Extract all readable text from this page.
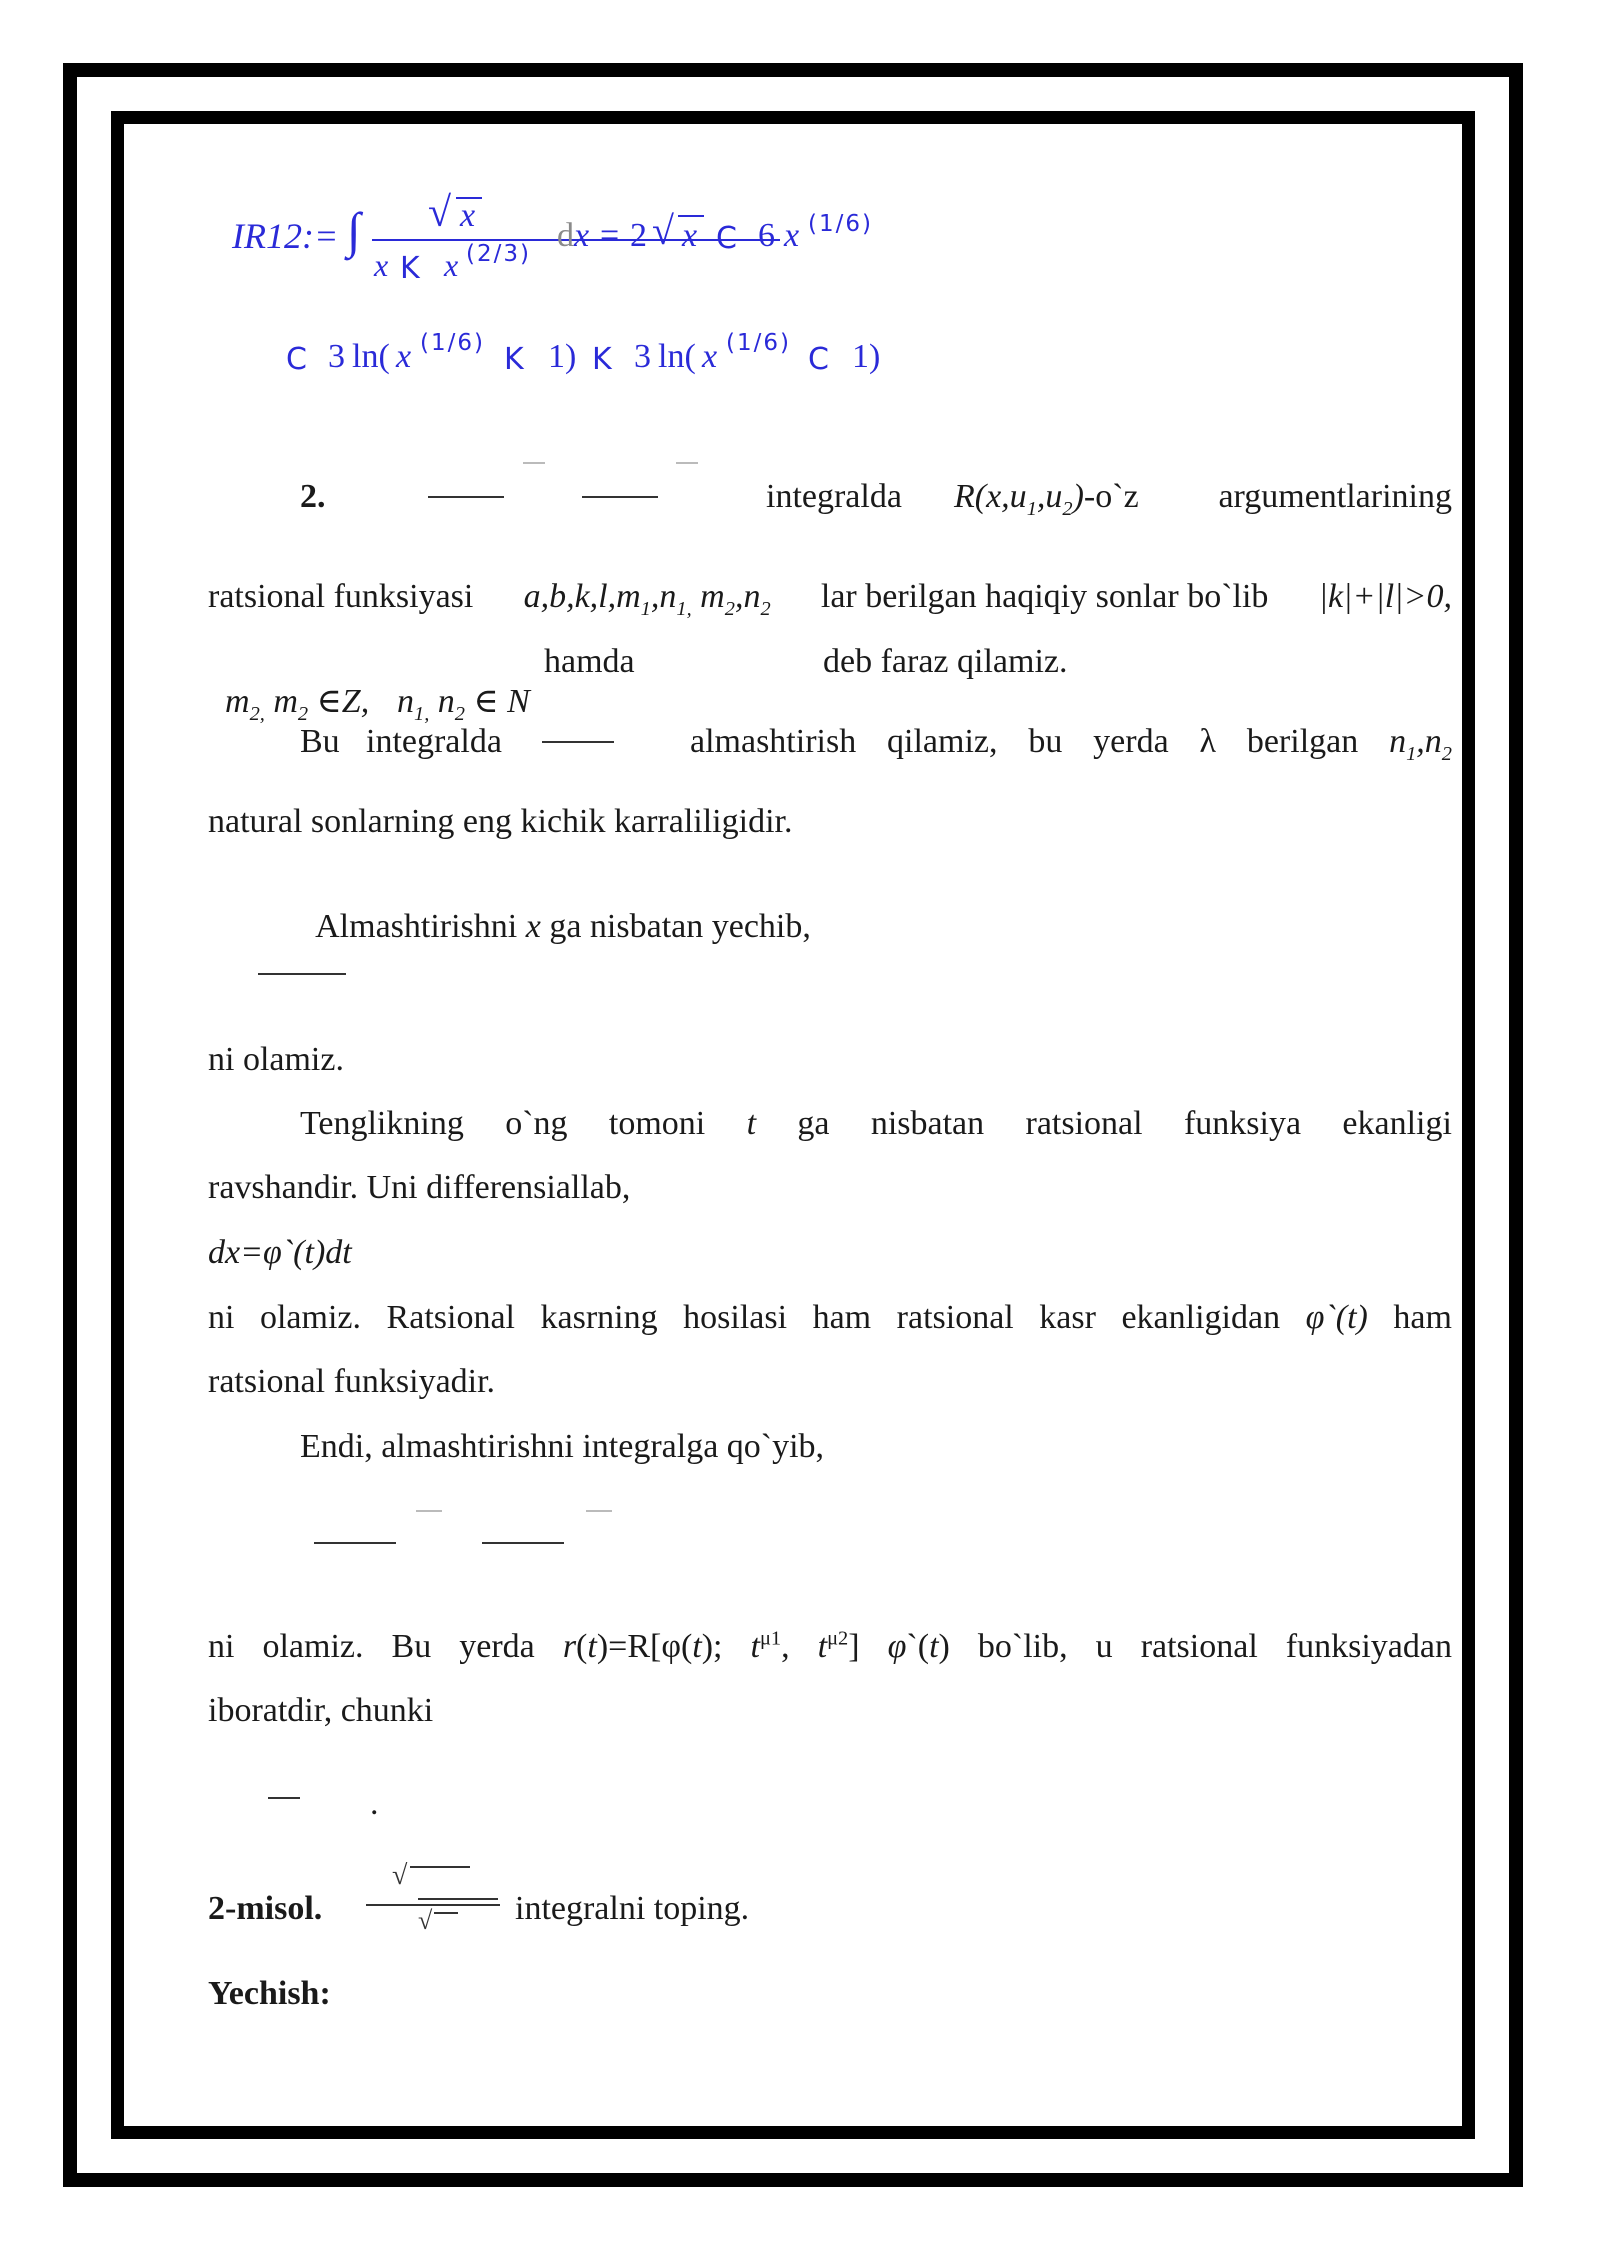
IR12:= ∫ √ x
x K x (2/3) d x = 2 √ x C 6 x (1/6)
C 3 ln( x (1/6) K 1) K 3 ln( x (1/6) C 1)
2.	integralda $R(x,u_1,u_2)-o`z$ argumentlarining
ratsional funksiyasi $a,b,k,l,m_1,n_{1,}$ $m_2,n_2$ lar berilgan haqiqiy sonlar bo`lib |k|+|l|>0,

$m_{2,}$ $m_2$ ∈Z, $n_{1,}$ $n_2$ ∈ N

hamda	deb faraz qilamiz.
Bu integralda	almashtirish qilamiz, bu yerda λ berilgan $n_1,n_2$
natural sonlarning eng kichik karraliligidir.

Almashtirishni x ga nisbatan yechib,

ni olamiz.
Tenglikning o`ng tomoni t ga nisbatan ratsional funksiya ekanligi
ravshandir. Uni differensiallab,
dx=φ`(t)dt
ni olamiz. Ratsional kasrning hosilasi ham ratsional kasr ekanligidan φ`(t) ham
ratsional funksiyadir.
Endi, almashtirishni integralga qo`yib,
ni olamiz. Bu yerda r(t)=R[φ(t); $t^{\mu 1}$, $t^{\mu 2}$] φ`(t) bo`lib, u ratsional funksiyadan
iboratdir, chunki
.
2-misol.
√
√ integralni toping.
Yechish:
